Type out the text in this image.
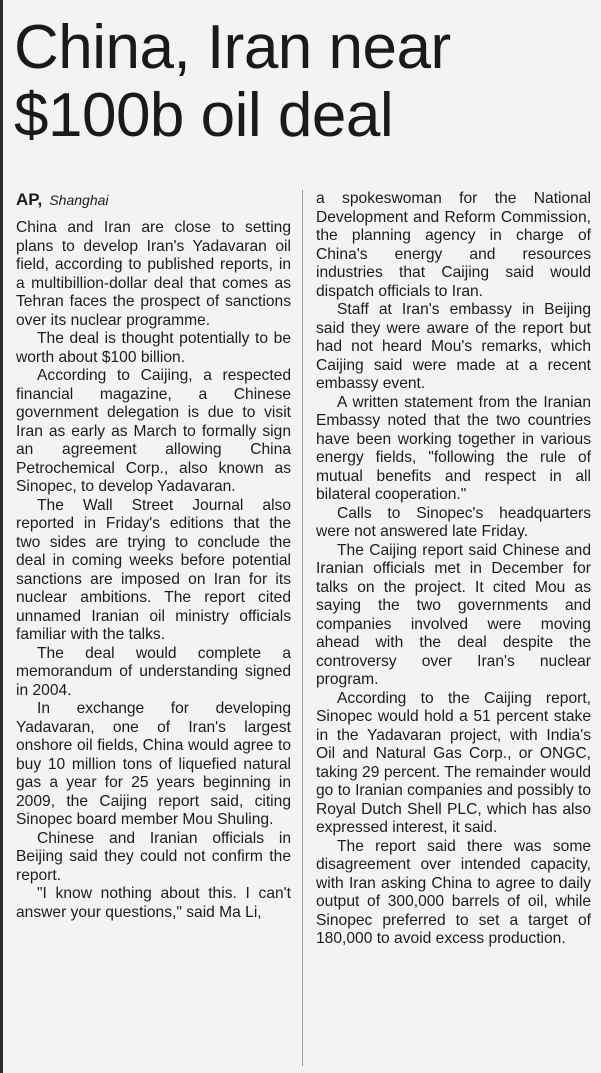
China, Iran near $100b oil deal

AP, Shanghai

China and Iran are close to setting plans to develop Iran's Yadavaran oil field, according to published reports, in a multibillion-dollar deal that comes as Tehran faces the prospect of sanctions over its nuclear programme.

The deal is thought potentially to be worth about $100 billion.

According to Caijing, a respected financial magazine, a Chinese government delegation is due to visit Iran as early as March to formally sign an agreement allowing China Petrochemical Corp., also known as Sinopec, to develop Yadavaran.

The Wall Street Journal also reported in Friday's editions that the two sides are trying to conclude the deal in coming weeks before potential sanctions are imposed on Iran for its nuclear ambitions. The report cited unnamed Iranian oil ministry officials familiar with the talks.

The deal would complete a memorandum of understanding signed in 2004.

In exchange for developing Yadavaran, one of Iran's largest onshore oil fields, China would agree to buy 10 million tons of liquefied natural gas a year for 25 years beginning in 2009, the Caijing report said, citing Sinopec board member Mou Shuling.

Chinese and Iranian officials in Beijing said they could not confirm the report.

"I know nothing about this. I can't answer your questions," said Ma Li,

a spokeswoman for the National Development and Reform Commission, the planning agency in charge of China's energy and resources industries that Caijing said would dispatch officials to Iran.

Staff at Iran's embassy in Beijing said they were aware of the report but had not heard Mou's remarks, which Caijing said were made at a recent embassy event.

A written statement from the Iranian Embassy noted that the two countries have been working together in various energy fields, "following the rule of mutual benefits and respect in all bilateral cooperation."

Calls to Sinopec's headquarters were not answered late Friday.

The Caijing report said Chinese and Iranian officials met in December for talks on the project. It cited Mou as saying the two governments and companies involved were moving ahead with the deal despite the controversy over Iran's nuclear program.

According to the Caijing report, Sinopec would hold a 51 percent stake in the Yadavaran project, with India's Oil and Natural Gas Corp., or ONGC, taking 29 percent. The remainder would go to Iranian companies and possibly to Royal Dutch Shell PLC, which has also expressed interest, it said.

The report said there was some disagreement over intended capacity, with Iran asking China to agree to daily output of 300,000 barrels of oil, while Sinopec preferred to set a target of 180,000 to avoid excess production.
